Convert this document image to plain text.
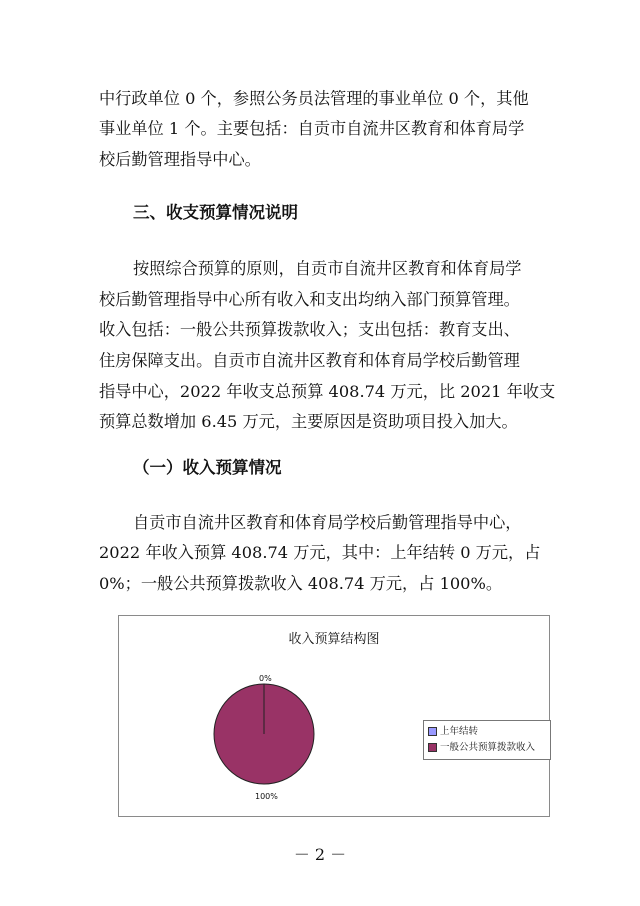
中行政单位 0 个，参照公务员法管理的事业单位 0 个，其他
事业单位 1 个。主要包括：自贡市自流井区教育和体育局学
校后勤管理指导中心。
三、收支预算情况说明
按照综合预算的原则，自贡市自流井区教育和体育局学
校后勤管理指导中心所有收入和支出均纳入部门预算管理。
收入包括：一般公共预算拨款收入；支出包括：教育支出、
住房保障支出。自贡市自流井区教育和体育局学校后勤管理
指导中心，2022 年收支总预算 408.74 万元，比 2021 年收支
预算总数增加 6.45 万元，主要原因是资助项目投入加大。
（一）收入预算情况
自贡市自流井区教育和体育局学校后勤管理指导中心，
2022 年收入预算 408.74 万元，其中：上年结转 0 万元，占
0%；一般公共预算拨款收入 408.74 万元，占 100%。
收入预算结构图
0%
100%
上年结转
一般公共预算拨款收入
－ 2 －
